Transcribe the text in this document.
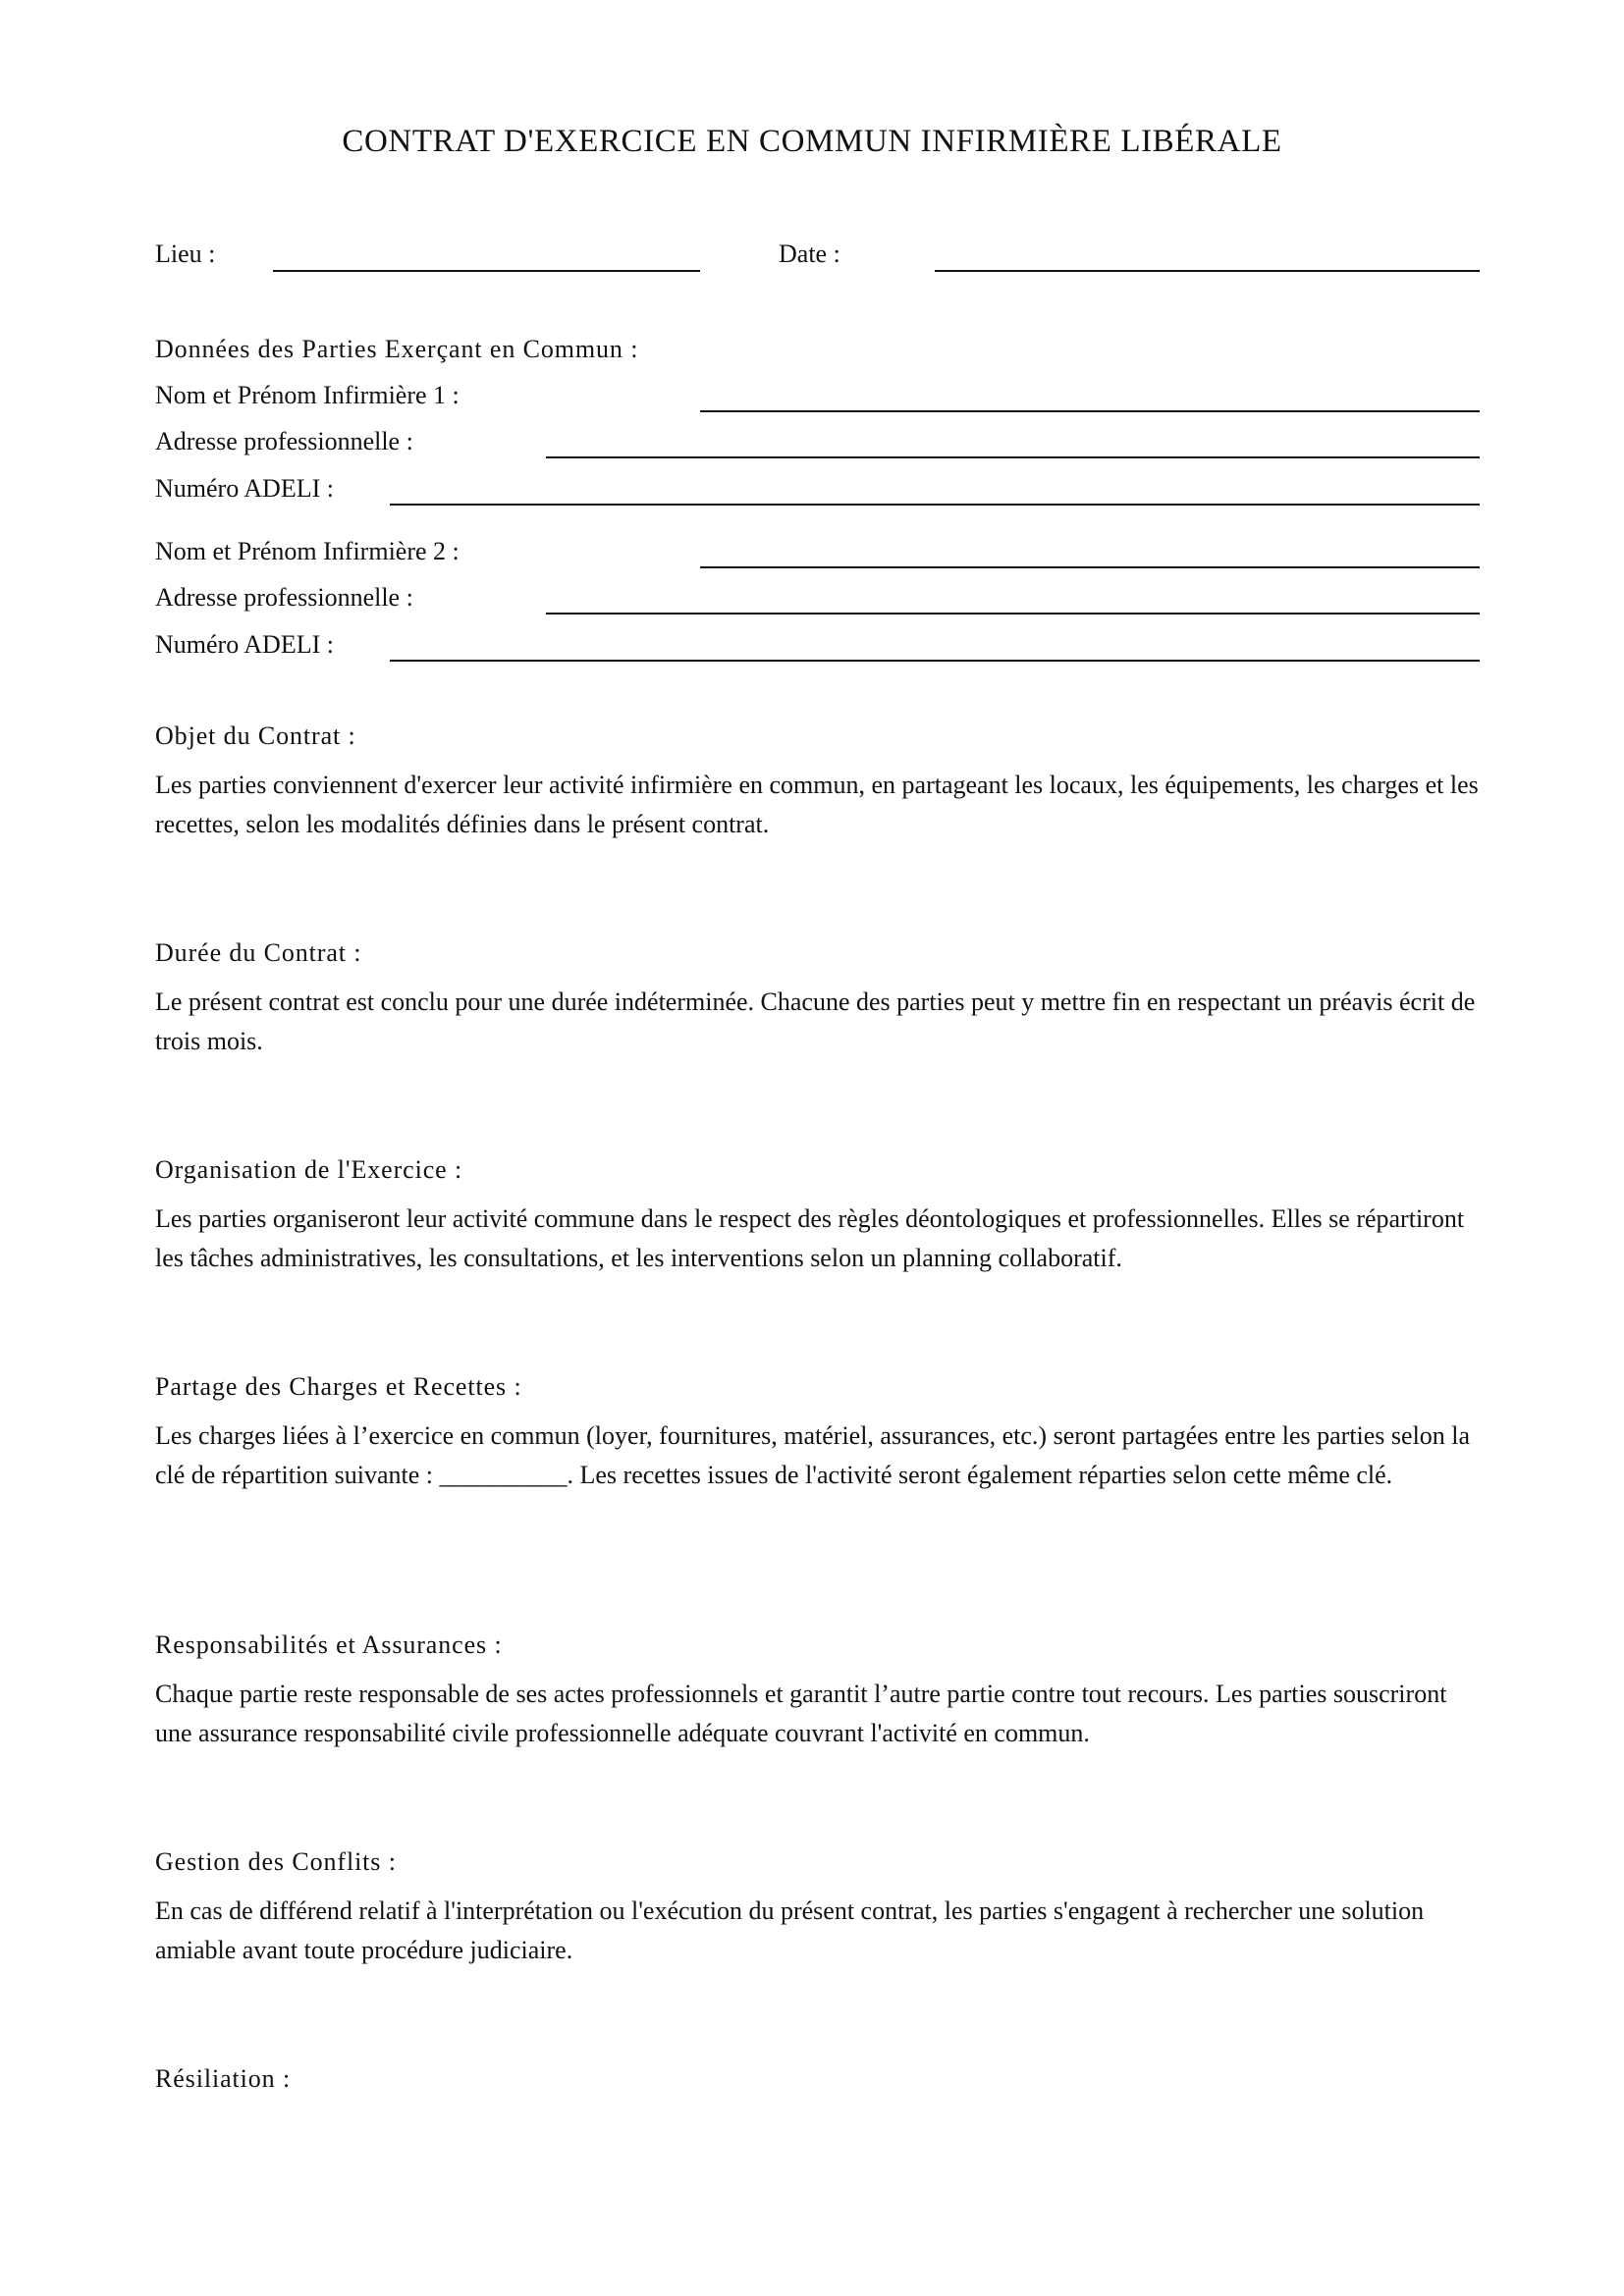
CONTRAT D'EXERCICE EN COMMUN INFIRMIÈRE LIBÉRALE
Lieu :	Date :
Données des Parties Exerçant en Commun :
Nom et Prénom Infirmière 1 :
Adresse professionnelle :
Numéro ADELI :
Nom et Prénom Infirmière 2 :
Adresse professionnelle :
Numéro ADELI :
Objet du Contrat :

Les parties conviennent d'exercer leur activité infirmière en commun, en partageant les locaux, les équipements, les charges et les recettes, selon les modalités définies dans le présent contrat.

Durée du Contrat :

Le présent contrat est conclu pour une durée indéterminée. Chacune des parties peut y mettre fin en respectant un préavis écrit de trois mois.

Organisation de l'Exercice :

Les parties organiseront leur activité commune dans le respect des règles déontologiques et professionnelles. Elles se répartiront les tâches administratives, les consultations, et les interventions selon un planning collaboratif.

Partage des Charges et Recettes :

Les charges liées à l’exercice en commun (loyer, fournitures, matériel, assurances, etc.) seront partagées entre les parties selon la clé de répartition suivante : __________. Les recettes issues de l'activité seront également réparties selon cette même clé.

Responsabilités et Assurances :

Chaque partie reste responsable de ses actes professionnels et garantit l’autre partie contre tout recours. Les parties souscriront une assurance responsabilité civile professionnelle adéquate couvrant l'activité en commun.

Gestion des Conflits :

En cas de différend relatif à l'interprétation ou l'exécution du présent contrat, les parties s'engagent à rechercher une solution amiable avant toute procédure judiciaire.

Résiliation :
